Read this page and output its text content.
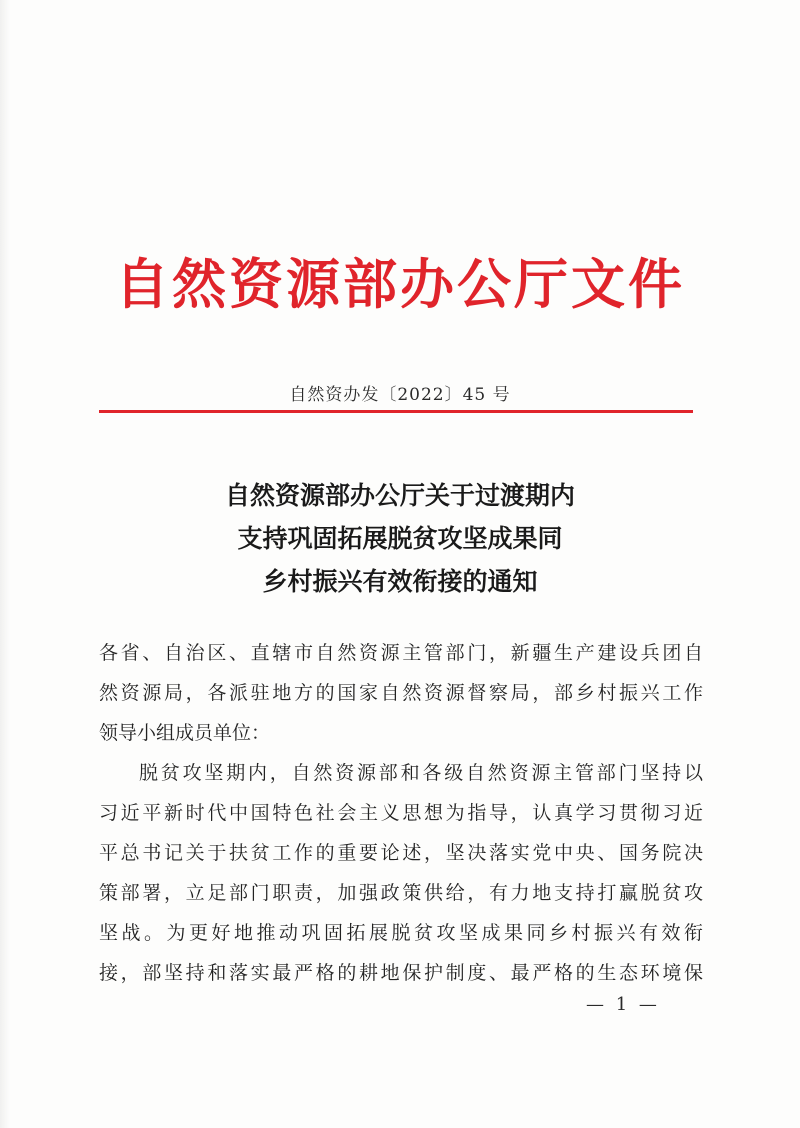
自然资源部办公厅文件
自然资办发〔2022〕45 号
自然资源部办公厅关于过渡期内
支持巩固拓展脱贫攻坚成果同
乡村振兴有效衔接的通知
各省、自治区、直辖市自然资源主管部门，新疆生产建设兵团自
然资源局，各派驻地方的国家自然资源督察局，部乡村振兴工作
领导小组成员单位：
脱贫攻坚期内，自然资源部和各级自然资源主管部门坚持以
习近平新时代中国特色社会主义思想为指导，认真学习贯彻习近
平总书记关于扶贫工作的重要论述，坚决落实党中央、国务院决
策部署，立足部门职责，加强政策供给，有力地支持打赢脱贫攻
坚战。为更好地推动巩固拓展脱贫攻坚成果同乡村振兴有效衔
接，部坚持和落实最严格的耕地保护制度、最严格的生态环境保
— 1 —
